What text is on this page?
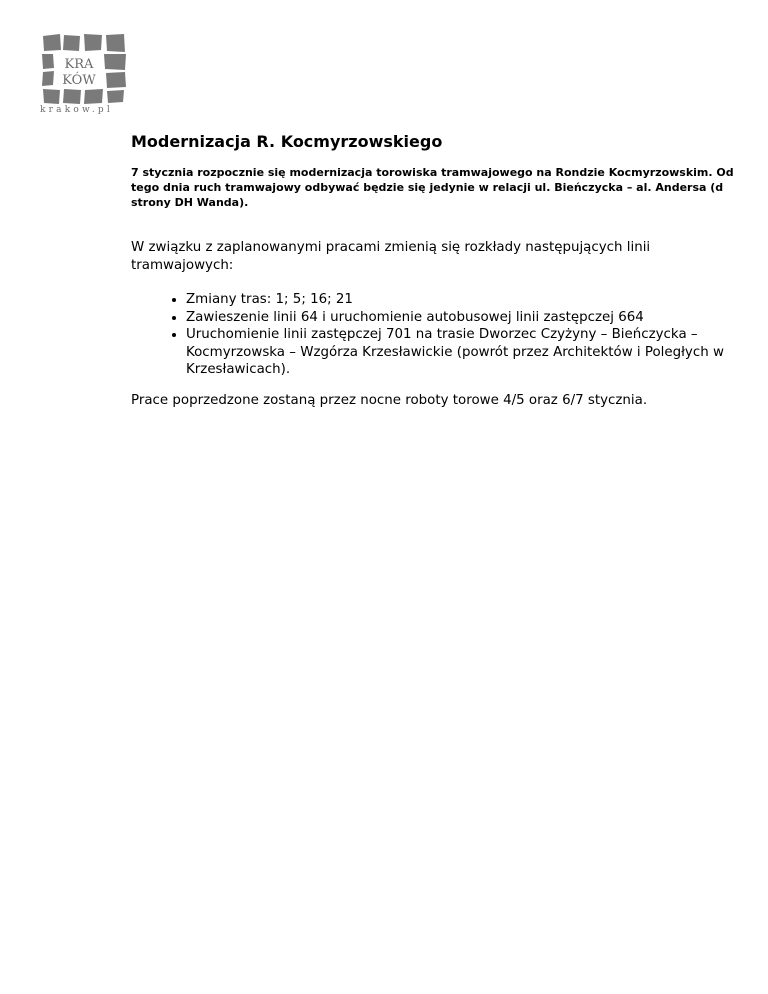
KRA
KÓW
krakow.pl
Modernizacja R. Kocmyrzowskiego

7 stycznia rozpocznie się modernizacja torowiska tramwajowego na Rondzie Kocmyrzowskim. Od tego dnia ruch tramwajowy odbywać będzie się jedynie w relacji ul. Bieńczycka – al. Andersa (d strony DH Wanda).

W związku z zaplanowanymi pracami zmienią się rozkłady następujących linii tramwajowych:

• Zmiany tras: 1; 5; 16; 21
• Zawieszenie linii 64 i uruchomienie autobusowej linii zastępczej 664
• Uruchomienie linii zastępczej 701 na trasie Dworzec Czyżyny – Bieńczycka – Kocmyrzowska – Wzgórza Krzesławickie (powrót przez Architektów i Poległych w Krzesławicach).

Prace poprzedzone zostaną przez nocne roboty torowe 4/5 oraz 6/7 stycznia.
